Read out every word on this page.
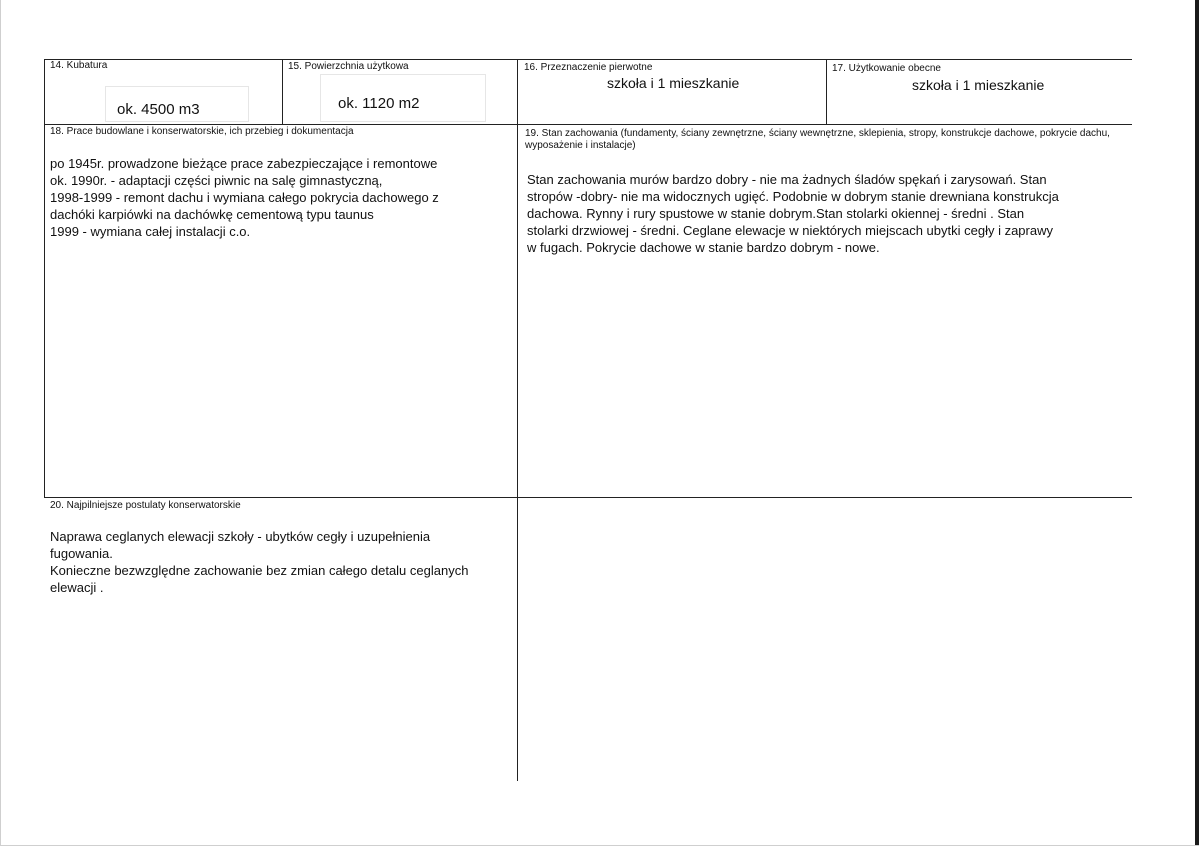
14. Kubatura
ok. 4500 m3
15. Powierzchnia użytkowa
ok. 1120 m2
16. Przeznaczenie pierwotne
szkoła i 1 mieszkanie
17. Użytkowanie obecne
szkoła i 1 mieszkanie
18. Prace budowlane i konserwatorskie, ich przebieg i dokumentacja
po 1945r. prowadzone bieżące prace zabezpieczające i remontowe
ok. 1990r. - adaptacji części piwnic na salę gimnastyczną,
1998-1999 - remont dachu i wymiana całego pokrycia dachowego z
dachóki karpiówki na dachówkę cementową typu taunus
1999 - wymiana całej instalacji c.o.
19. Stan zachowania (fundamenty, ściany zewnętrzne, ściany wewnętrzne, sklepienia, stropy, konstrukcje dachowe, pokrycie dachu, wyposażenie i instalacje)
Stan zachowania murów bardzo dobry - nie ma żadnych śladów spękań i zarysowań. Stan
stropów -dobry- nie ma widocznych ugięć. Podobnie w dobrym stanie drewniana konstrukcja
dachowa. Rynny i rury spustowe w stanie dobrym.Stan stolarki okiennej - średni . Stan
stolarki drzwiowej - średni. Ceglane elewacje w niektórych miejscach ubytki cegły i zaprawy
w fugach. Pokrycie dachowe w stanie bardzo dobrym - nowe.
20. Najpilniejsze postulaty konserwatorskie
Naprawa ceglanych elewacji szkoły - ubytków cegły i uzupełnienia
fugowania.
Konieczne bezwzględne zachowanie bez zmian całego detalu ceglanych
elewacji .
